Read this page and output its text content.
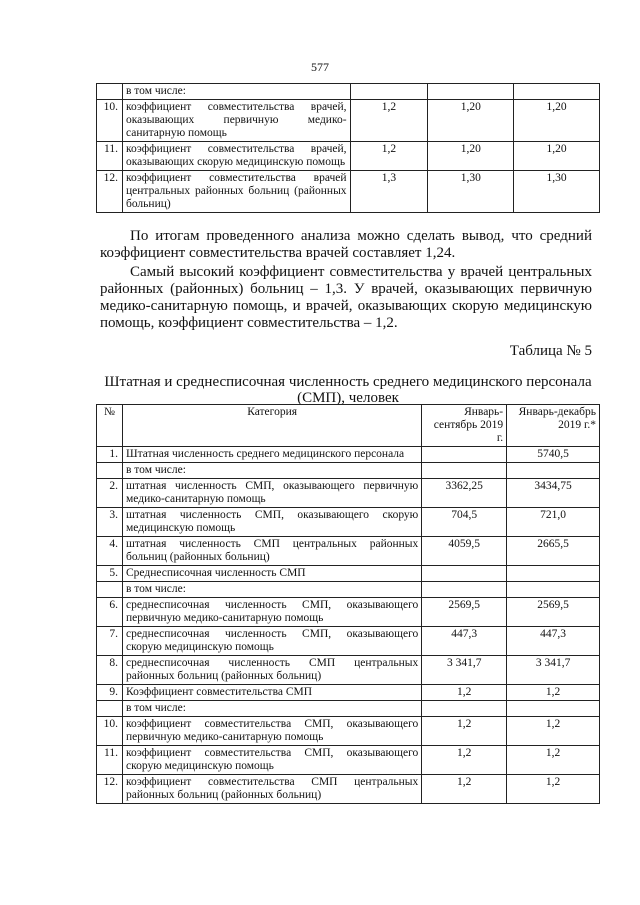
577
	в том числе:			
10.	коэффициент совместительства врачей, оказывающих первичную медико-санитарную помощь	1,2	1,20	1,20
11.	коэффициент совместительства врачей, оказывающих скорую медицинскую помощь	1,2	1,20	1,20
12.	коэффициент совместительства врачей центральных районных больниц (районных больниц)	1,3	1,30	1,30

По итогам проведенного анализа можно сделать вывод, что средний коэффициент совместительства врачей составляет 1,24.

Самый высокий коэффициент совместительства у врачей центральных районных (районных) больниц – 1,3. У врачей, оказывающих первичную медико-санитарную помощь, и врачей, оказывающих скорую медицинскую помощь, коэффициент совместительства – 1,2.

Таблица № 5
Штатная и среднесписочная численность среднего медицинского персонала (СМП), человек
№	Категория	Январь-сентябрь 2019 г.	Январь-декабрь 2019 г.*
1.	Штатная численность среднего медицинского персонала		5740,5
	в том числе:		
2.	штатная численность СМП, оказывающего первичную медико-санитарную помощь	3362,25	3434,75
3.	штатная численность СМП, оказывающего скорую медицинскую помощь	704,5	721,0
4.	штатная численность СМП центральных районных больниц (районных больниц)	4059,5	2665,5
5.	Среднесписочная численность СМП		
	в том числе:		
6.	среднесписочная численность СМП, оказывающего первичную медико-санитарную помощь	2569,5	2569,5
7.	среднесписочная численность СМП, оказывающего скорую медицинскую помощь	447,3	447,3
8.	среднесписочная численность СМП центральных районных больниц (районных больниц)	3 341,7	3 341,7
9.	Коэффициент совместительства СМП	1,2	1,2
	в том числе:		
10.	коэффициент совместительства СМП, оказывающего первичную медико-санитарную помощь	1,2	1,2
11.	коэффициент совместительства СМП, оказывающего скорую медицинскую помощь	1,2	1,2
12.	коэффициент совместительства СМП центральных районных больниц (районных больниц)	1,2	1,2
